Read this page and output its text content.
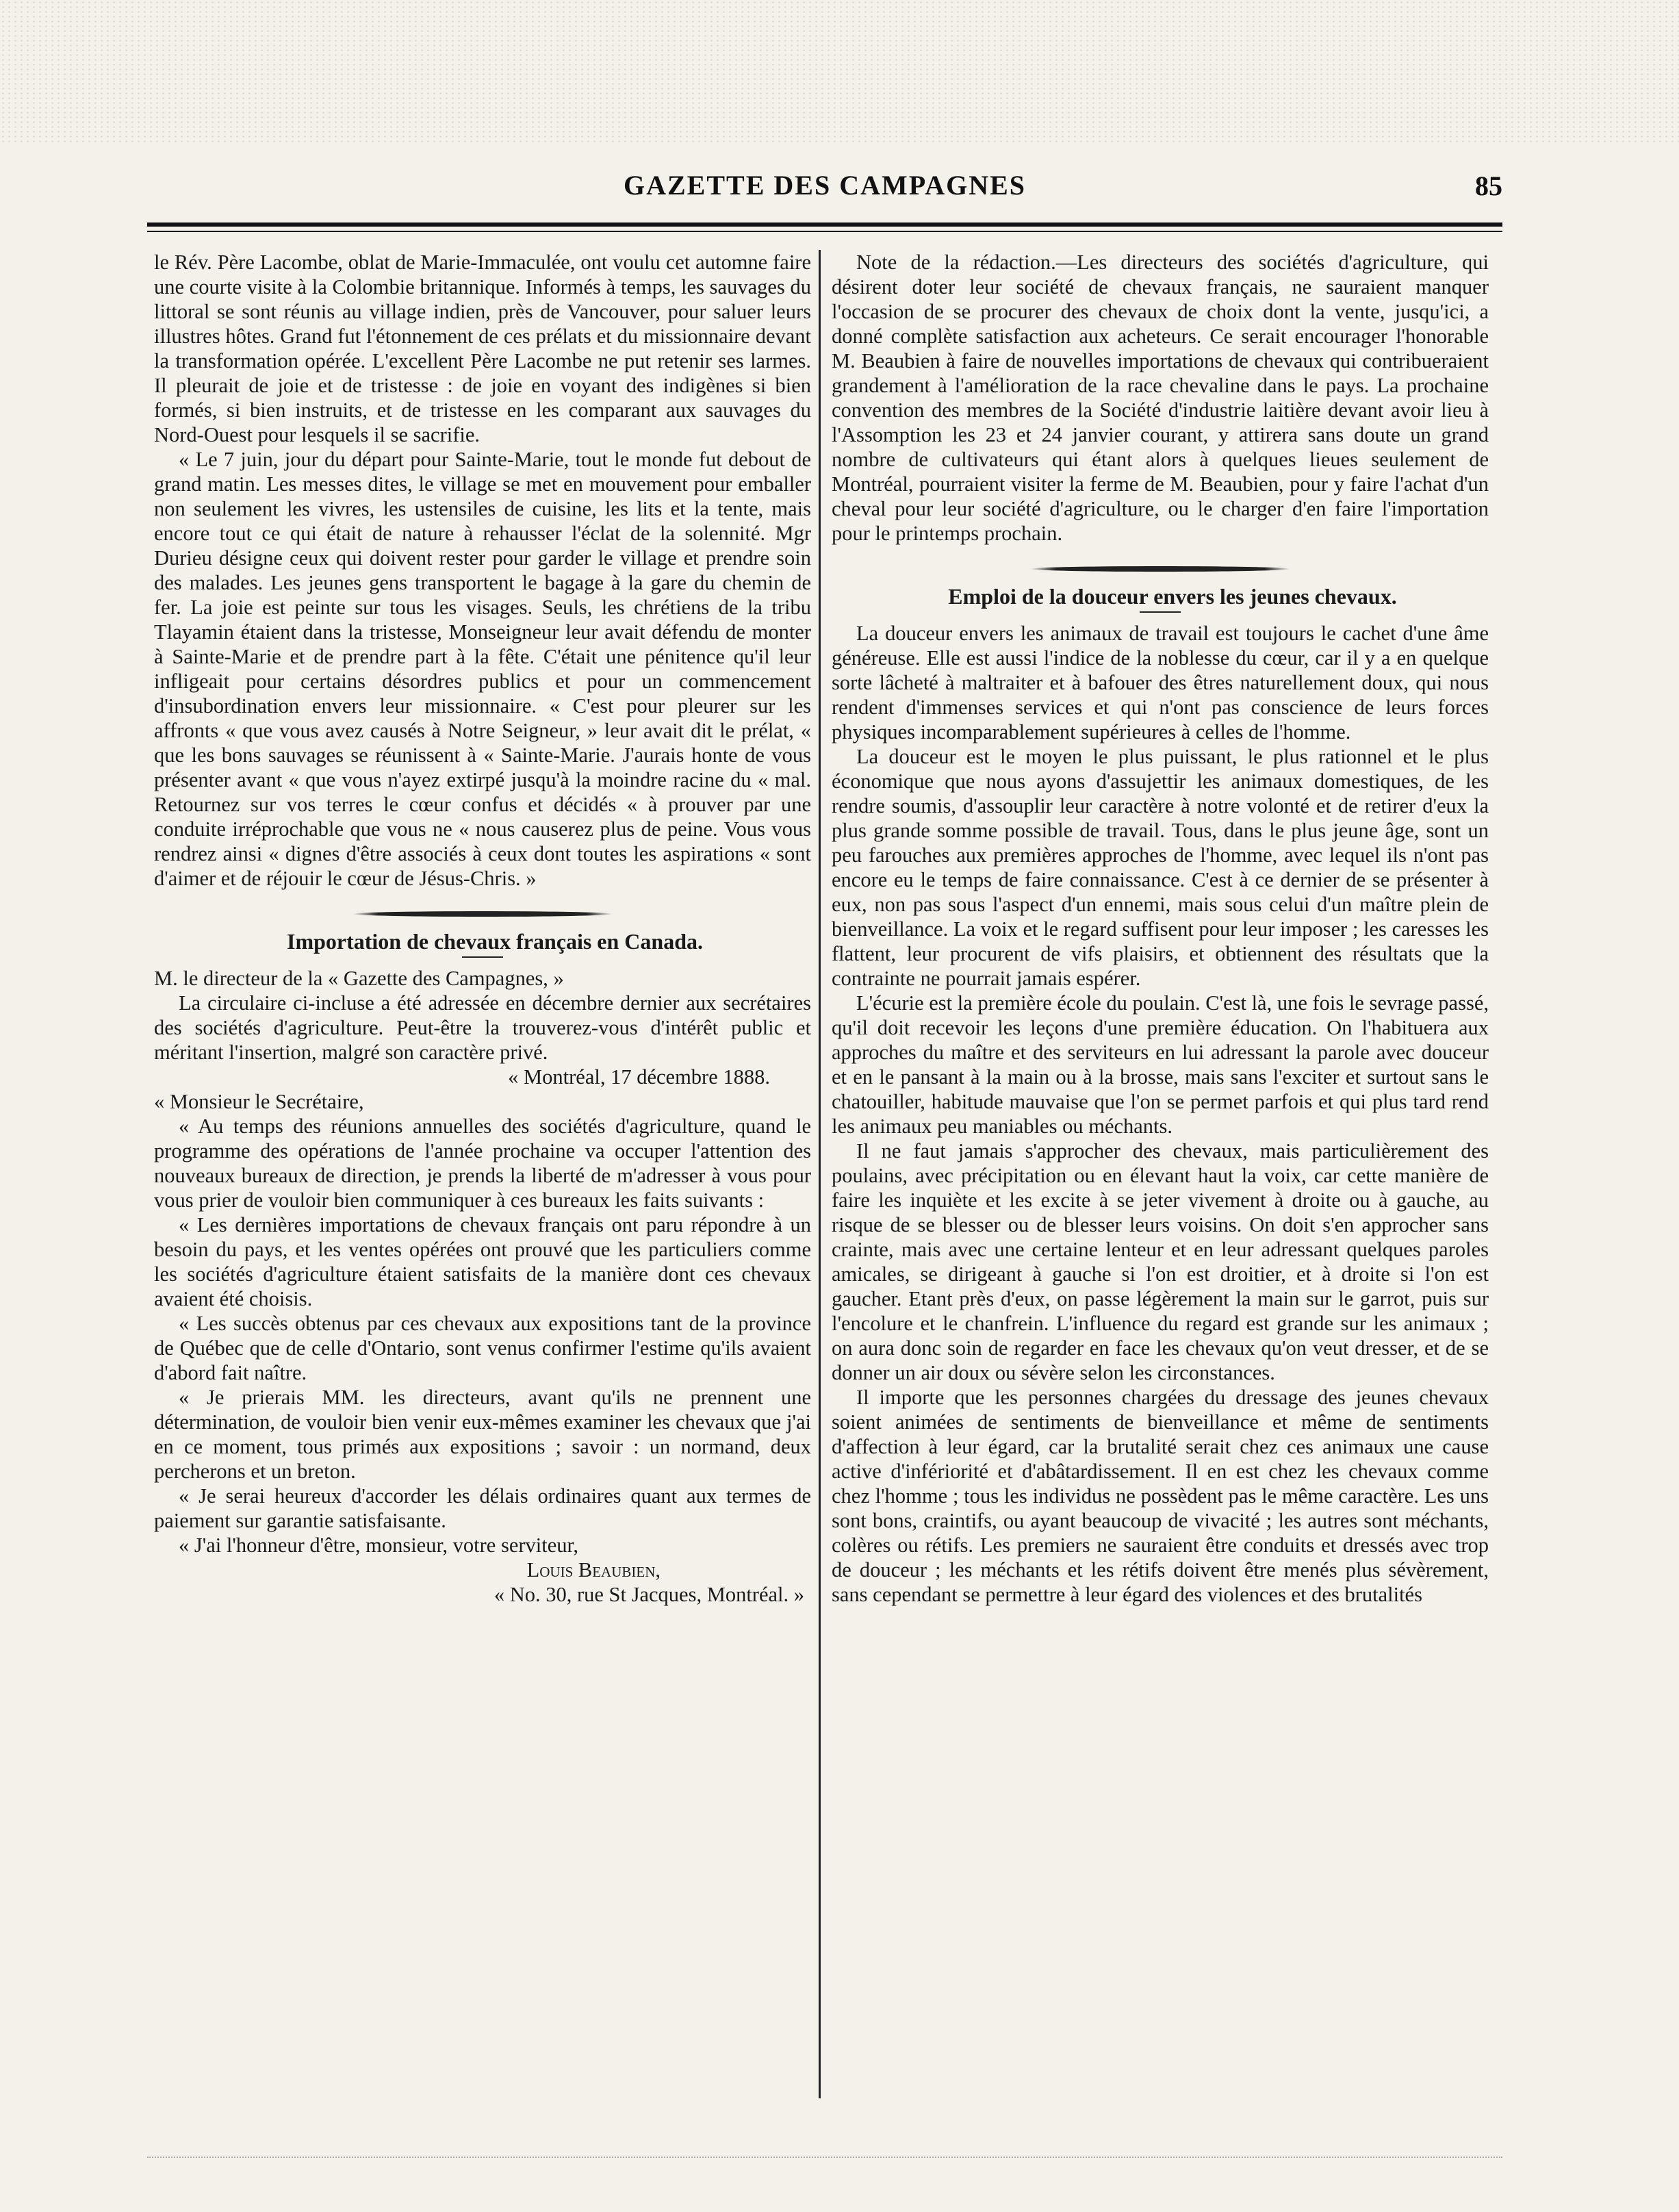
GAZETTE DES CAMPAGNES	85

le Rév. Père Lacombe, oblat de Marie-Immaculée, ont voulu cet automne faire une courte visite à la Colombie britannique. Informés à temps, les sauvages du littoral se sont réunis au village indien, près de Vancouver, pour saluer leurs illustres hôtes. Grand fut l'étonnement de ces prélats et du missionnaire devant la transformation opérée. L'excellent Père Lacombe ne put retenir ses larmes. Il pleurait de joie et de tristesse : de joie en voyant des indigènes si bien formés, si bien instruits, et de tristesse en les comparant aux sauvages du Nord-Ouest pour lesquels il se sacrifie.

« Le 7 juin, jour du départ pour Sainte-Marie, tout le monde fut debout de grand matin. Les messes dites, le village se met en mouvement pour emballer non seulement les vivres, les ustensiles de cuisine, les lits et la tente, mais encore tout ce qui était de nature à rehausser l'éclat de la solennité. Mgr Durieu désigne ceux qui doivent rester pour garder le village et prendre soin des malades. Les jeunes gens transportent le bagage à la gare du chemin de fer. La joie est peinte sur tous les visages. Seuls, les chrétiens de la tribu Tlayamin étaient dans la tristesse, Monseigneur leur avait défendu de monter à Sainte-Marie et de prendre part à la fête. C'était une pénitence qu'il leur infligeait pour certains désordres publics et pour un commencement d'insubordination envers leur missionnaire. « C'est pour pleurer sur les affronts « que vous avez causés à Notre Seigneur, » leur avait dit le prélat, « que les bons sauvages se réunissent à « Sainte-Marie. J'aurais honte de vous présenter avant « que vous n'ayez extirpé jusqu'à la moindre racine du « mal. Retournez sur vos terres le cœur confus et décidés « à prouver par une conduite irréprochable que vous ne « nous causerez plus de peine. Vous vous rendrez ainsi « dignes d'être associés à ceux dont toutes les aspirations « sont d'aimer et de réjouir le cœur de Jésus-Chris. »

Importation de chevaux français en Canada.

M. le directeur de la « Gazette des Campagnes, »

La circulaire ci-incluse a été adressée en décembre dernier aux secrétaires des sociétés d'agriculture. Peut-être la trouverez-vous d'intérêt public et méritant l'insertion, malgré son caractère privé.

« Montréal, 17 décembre 1888.

« Monsieur le Secrétaire,

« Au temps des réunions annuelles des sociétés d'agriculture, quand le programme des opérations de l'année prochaine va occuper l'attention des nouveaux bureaux de direction, je prends la liberté de m'adresser à vous pour vous prier de vouloir bien communiquer à ces bureaux les faits suivants :

« Les dernières importations de chevaux français ont paru répondre à un besoin du pays, et les ventes opérées ont prouvé que les particuliers comme les sociétés d'agriculture étaient satisfaits de la manière dont ces chevaux avaient été choisis.

« Les succès obtenus par ces chevaux aux expositions tant de la province de Québec que de celle d'Ontario, sont venus confirmer l'estime qu'ils avaient d'abord fait naître.

« Je prierais MM. les directeurs, avant qu'ils ne prennent une détermination, de vouloir bien venir eux-mêmes examiner les chevaux que j'ai en ce moment, tous primés aux expositions ; savoir : un normand, deux percherons et un breton.

« Je serai heureux d'accorder les délais ordinaires quant aux termes de paiement sur garantie satisfaisante.

« J'ai l'honneur d'être, monsieur, votre serviteur,

Louis Beaubien,

« No. 30, rue St Jacques, Montréal. »

Note de la rédaction.—Les directeurs des sociétés d'agriculture, qui désirent doter leur société de chevaux français, ne sauraient manquer l'occasion de se procurer des chevaux de choix dont la vente, jusqu'ici, a donné complète satisfaction aux acheteurs. Ce serait encourager l'honorable M. Beaubien à faire de nouvelles importations de chevaux qui contribueraient grandement à l'amélioration de la race chevaline dans le pays. La prochaine convention des membres de la Société d'industrie laitière devant avoir lieu à l'Assomption les 23 et 24 janvier courant, y attirera sans doute un grand nombre de cultivateurs qui étant alors à quelques lieues seulement de Montréal, pourraient visiter la ferme de M. Beaubien, pour y faire l'achat d'un cheval pour leur société d'agriculture, ou le charger d'en faire l'importation pour le printemps prochain.

Emploi de la douceur envers les jeunes chevaux.

La douceur envers les animaux de travail est toujours le cachet d'une âme généreuse. Elle est aussi l'indice de la noblesse du cœur, car il y a en quelque sorte lâcheté à maltraiter et à bafouer des êtres naturellement doux, qui nous rendent d'immenses services et qui n'ont pas conscience de leurs forces physiques incomparablement supérieures à celles de l'homme.

La douceur est le moyen le plus puissant, le plus rationnel et le plus économique que nous ayons d'assujettir les animaux domestiques, de les rendre soumis, d'assouplir leur caractère à notre volonté et de retirer d'eux la plus grande somme possible de travail. Tous, dans le plus jeune âge, sont un peu farouches aux premières approches de l'homme, avec lequel ils n'ont pas encore eu le temps de faire connaissance. C'est à ce dernier de se présenter à eux, non pas sous l'aspect d'un ennemi, mais sous celui d'un maître plein de bienveillance. La voix et le regard suffisent pour leur imposer ; les caresses les flattent, leur procurent de vifs plaisirs, et obtiennent des résultats que la contrainte ne pourrait jamais espérer.

L'écurie est la première école du poulain. C'est là, une fois le sevrage passé, qu'il doit recevoir les leçons d'une première éducation. On l'habituera aux approches du maître et des serviteurs en lui adressant la parole avec douceur et en le pansant à la main ou à la brosse, mais sans l'exciter et surtout sans le chatouiller, habitude mauvaise que l'on se permet parfois et qui plus tard rend les animaux peu maniables ou méchants.

Il ne faut jamais s'approcher des chevaux, mais particulièrement des poulains, avec précipitation ou en élevant haut la voix, car cette manière de faire les inquiète et les excite à se jeter vivement à droite ou à gauche, au risque de se blesser ou de blesser leurs voisins. On doit s'en approcher sans crainte, mais avec une certaine lenteur et en leur adressant quelques paroles amicales, se dirigeant à gauche si l'on est droitier, et à droite si l'on est gaucher. Etant près d'eux, on passe légèrement la main sur le garrot, puis sur l'encolure et le chanfrein. L'influence du regard est grande sur les animaux ; on aura donc soin de regarder en face les chevaux qu'on veut dresser, et de se donner un air doux ou sévère selon les circonstances.

Il importe que les personnes chargées du dressage des jeunes chevaux soient animées de sentiments de bienveillance et même de sentiments d'affection à leur égard, car la brutalité serait chez ces animaux une cause active d'infériorité et d'abâtardissement. Il en est chez les chevaux comme chez l'homme ; tous les individus ne possèdent pas le même caractère. Les uns sont bons, craintifs, ou ayant beaucoup de vivacité ; les autres sont méchants, colères ou rétifs. Les premiers ne sauraient être conduits et dressés avec trop de douceur ; les méchants et les rétifs doivent être menés plus sévèrement, sans cependant se permettre à leur égard des violences et des brutalités
